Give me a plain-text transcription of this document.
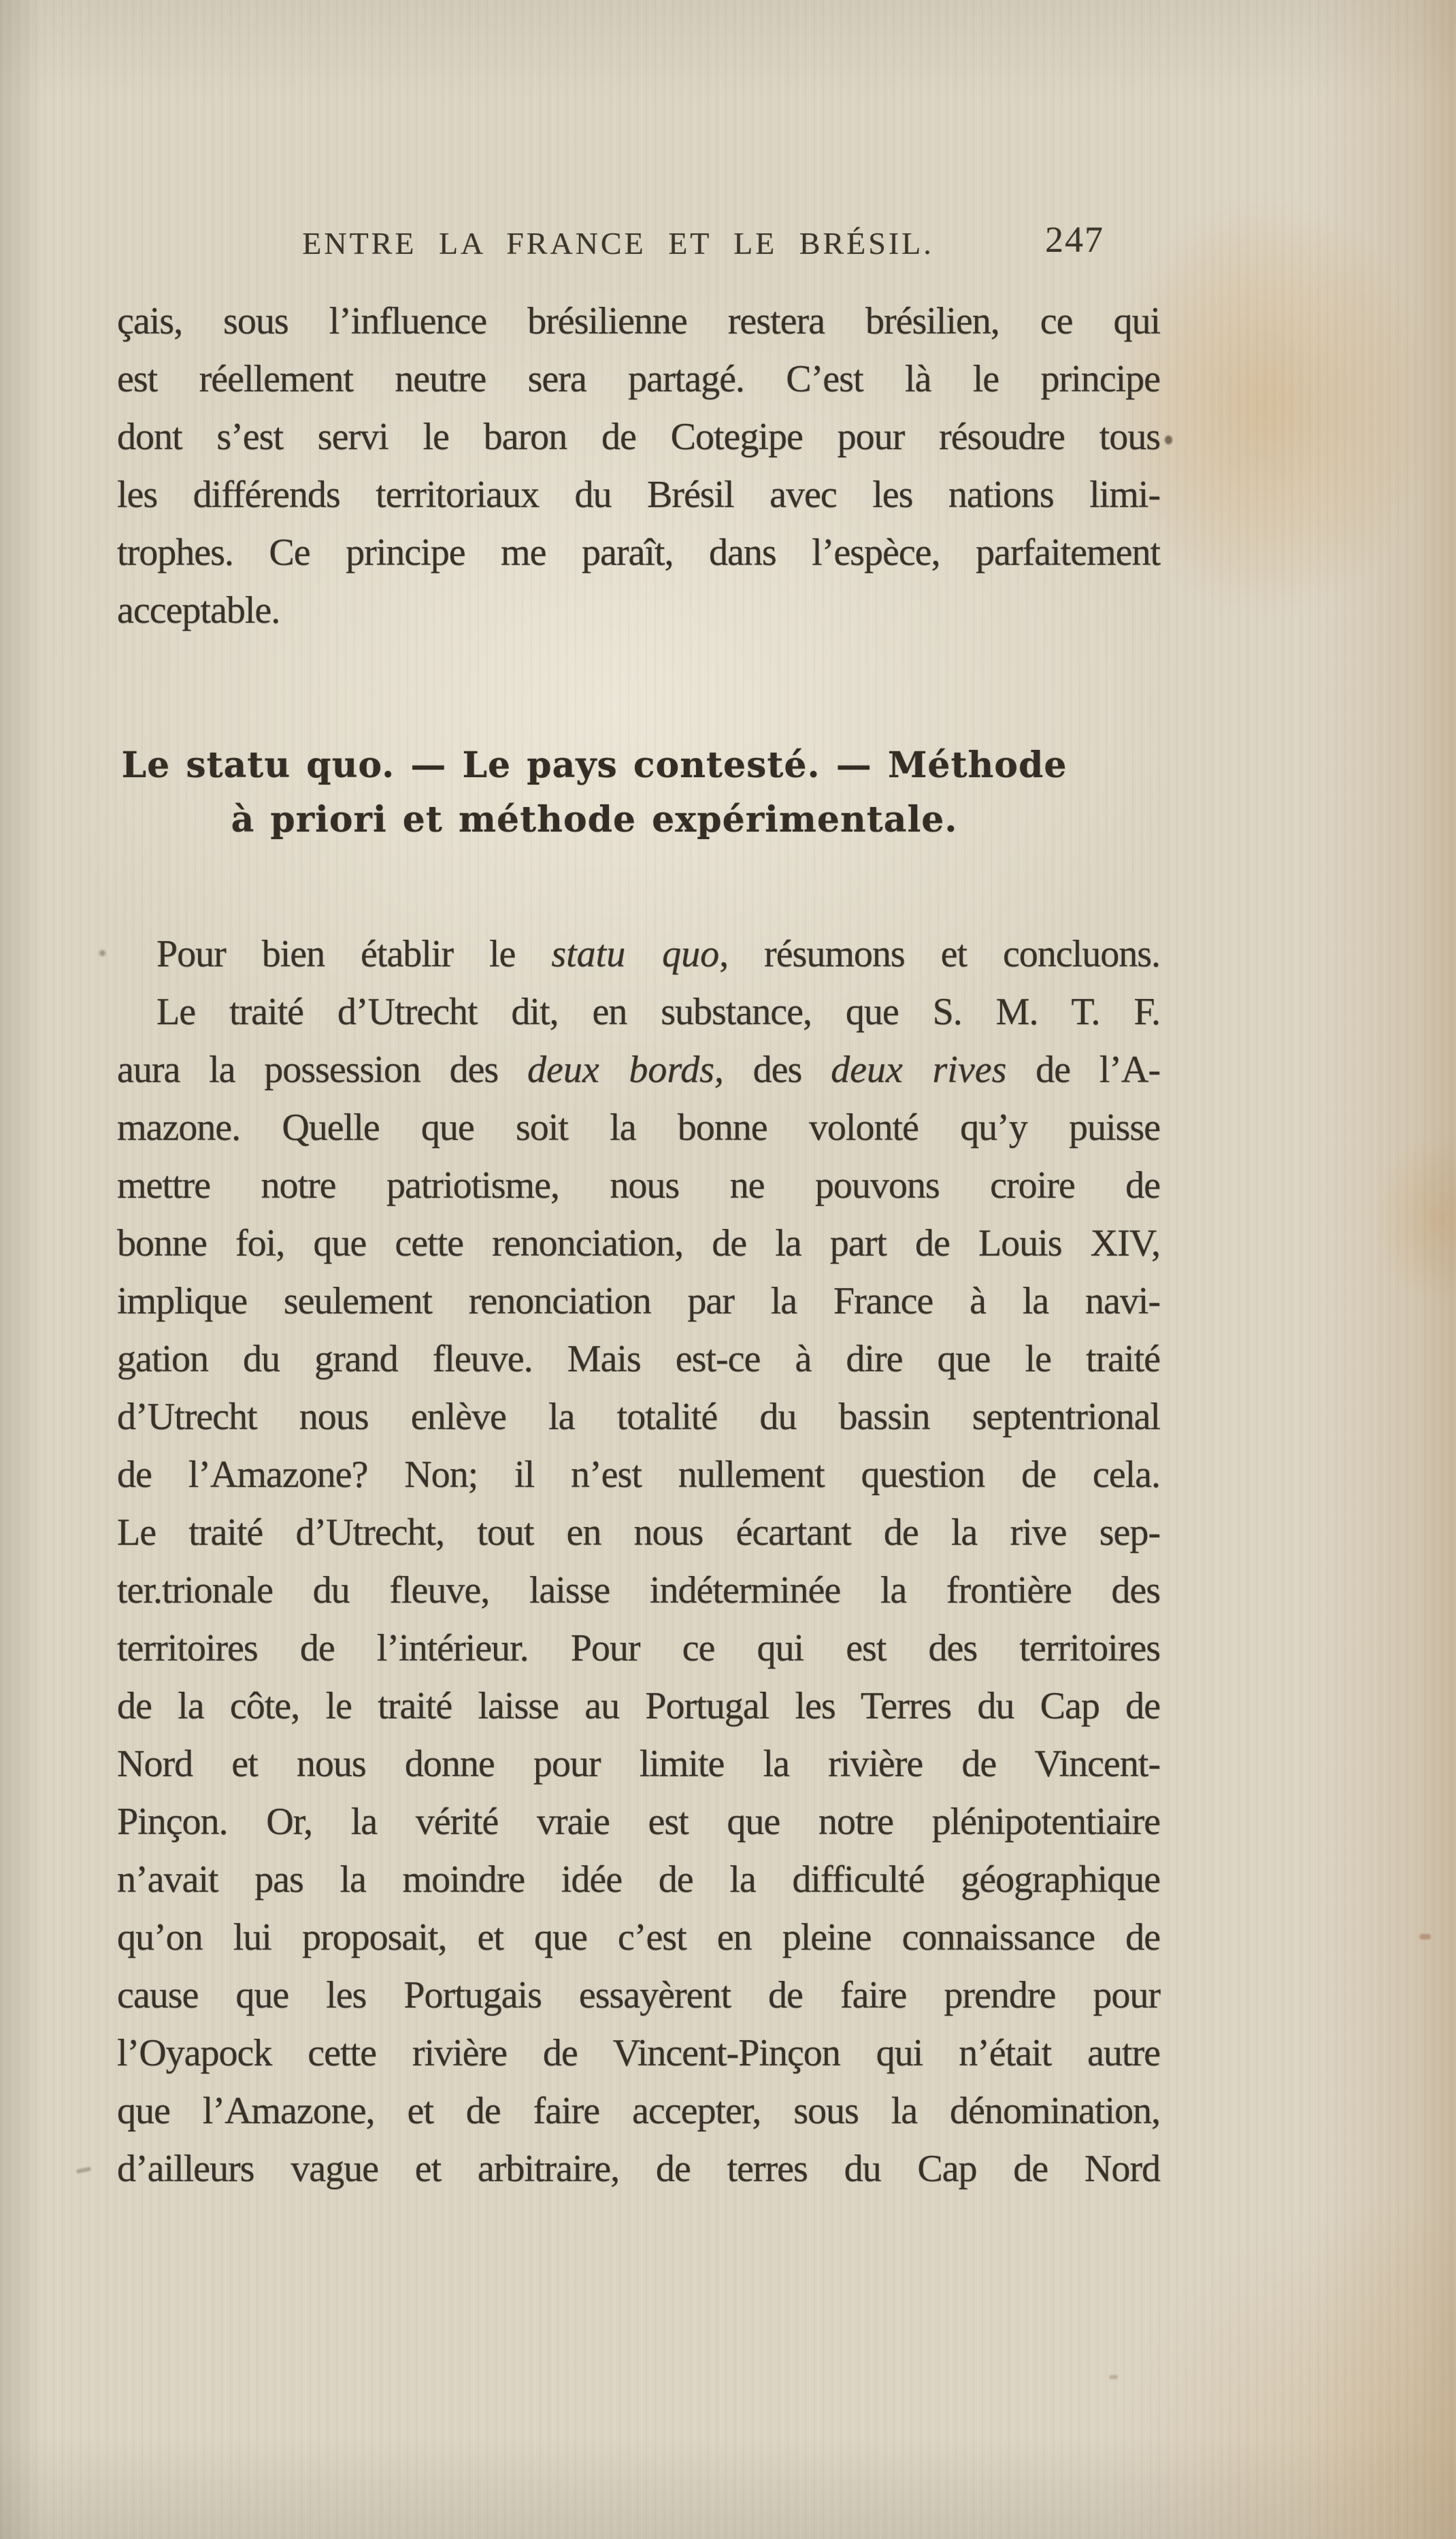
ENTRE LA FRANCE ET LE BRÉSIL.	247
çais, sous l’influence brésilienne restera brésilien, ce qui
est réellement neutre sera partagé. C’est là le principe
dont s’est servi le baron de Cotegipe pour résoudre tous
les différends territoriaux du Brésil avec les nations limi-
trophes. Ce principe me paraît, dans l’espèce, parfaitement
acceptable.
Le statu quo. — Le pays contesté. — Méthode
à priori et méthode expérimentale.
Pour bien établir le statu quo, résumons et concluons.
Le traité d’Utrecht dit, en substance, que S. M. T. F.
aura la possession des deux bords, des deux rives de l’A-
mazone. Quelle que soit la bonne volonté qu’y puisse
mettre notre patriotisme, nous ne pouvons croire de
bonne foi, que cette renonciation, de la part de Louis XIV,
implique seulement renonciation par la France à la navi-
gation du grand fleuve. Mais est-ce à dire que le traité
d’Utrecht nous enlève la totalité du bassin septentrional
de l’Amazone? Non; il n’est nullement question de cela.
Le traité d’Utrecht, tout en nous écartant de la rive sep-
ter.trionale du fleuve, laisse indéterminée la frontière des
territoires de l’intérieur. Pour ce qui est des territoires
de la côte, le traité laisse au Portugal les Terres du Cap de
Nord et nous donne pour limite la rivière de Vincent-
Pinçon. Or, la vérité vraie est que notre plénipotentiaire
n’avait pas la moindre idée de la difficulté géographique
qu’on lui proposait, et que c’est en pleine connaissance de
cause que les Portugais essayèrent de faire prendre pour
l’Oyapock cette rivière de Vincent-Pinçon qui n’était autre
que l’Amazone, et de faire accepter, sous la dénomination,
d’ailleurs vague et arbitraire, de terres du Cap de Nord
